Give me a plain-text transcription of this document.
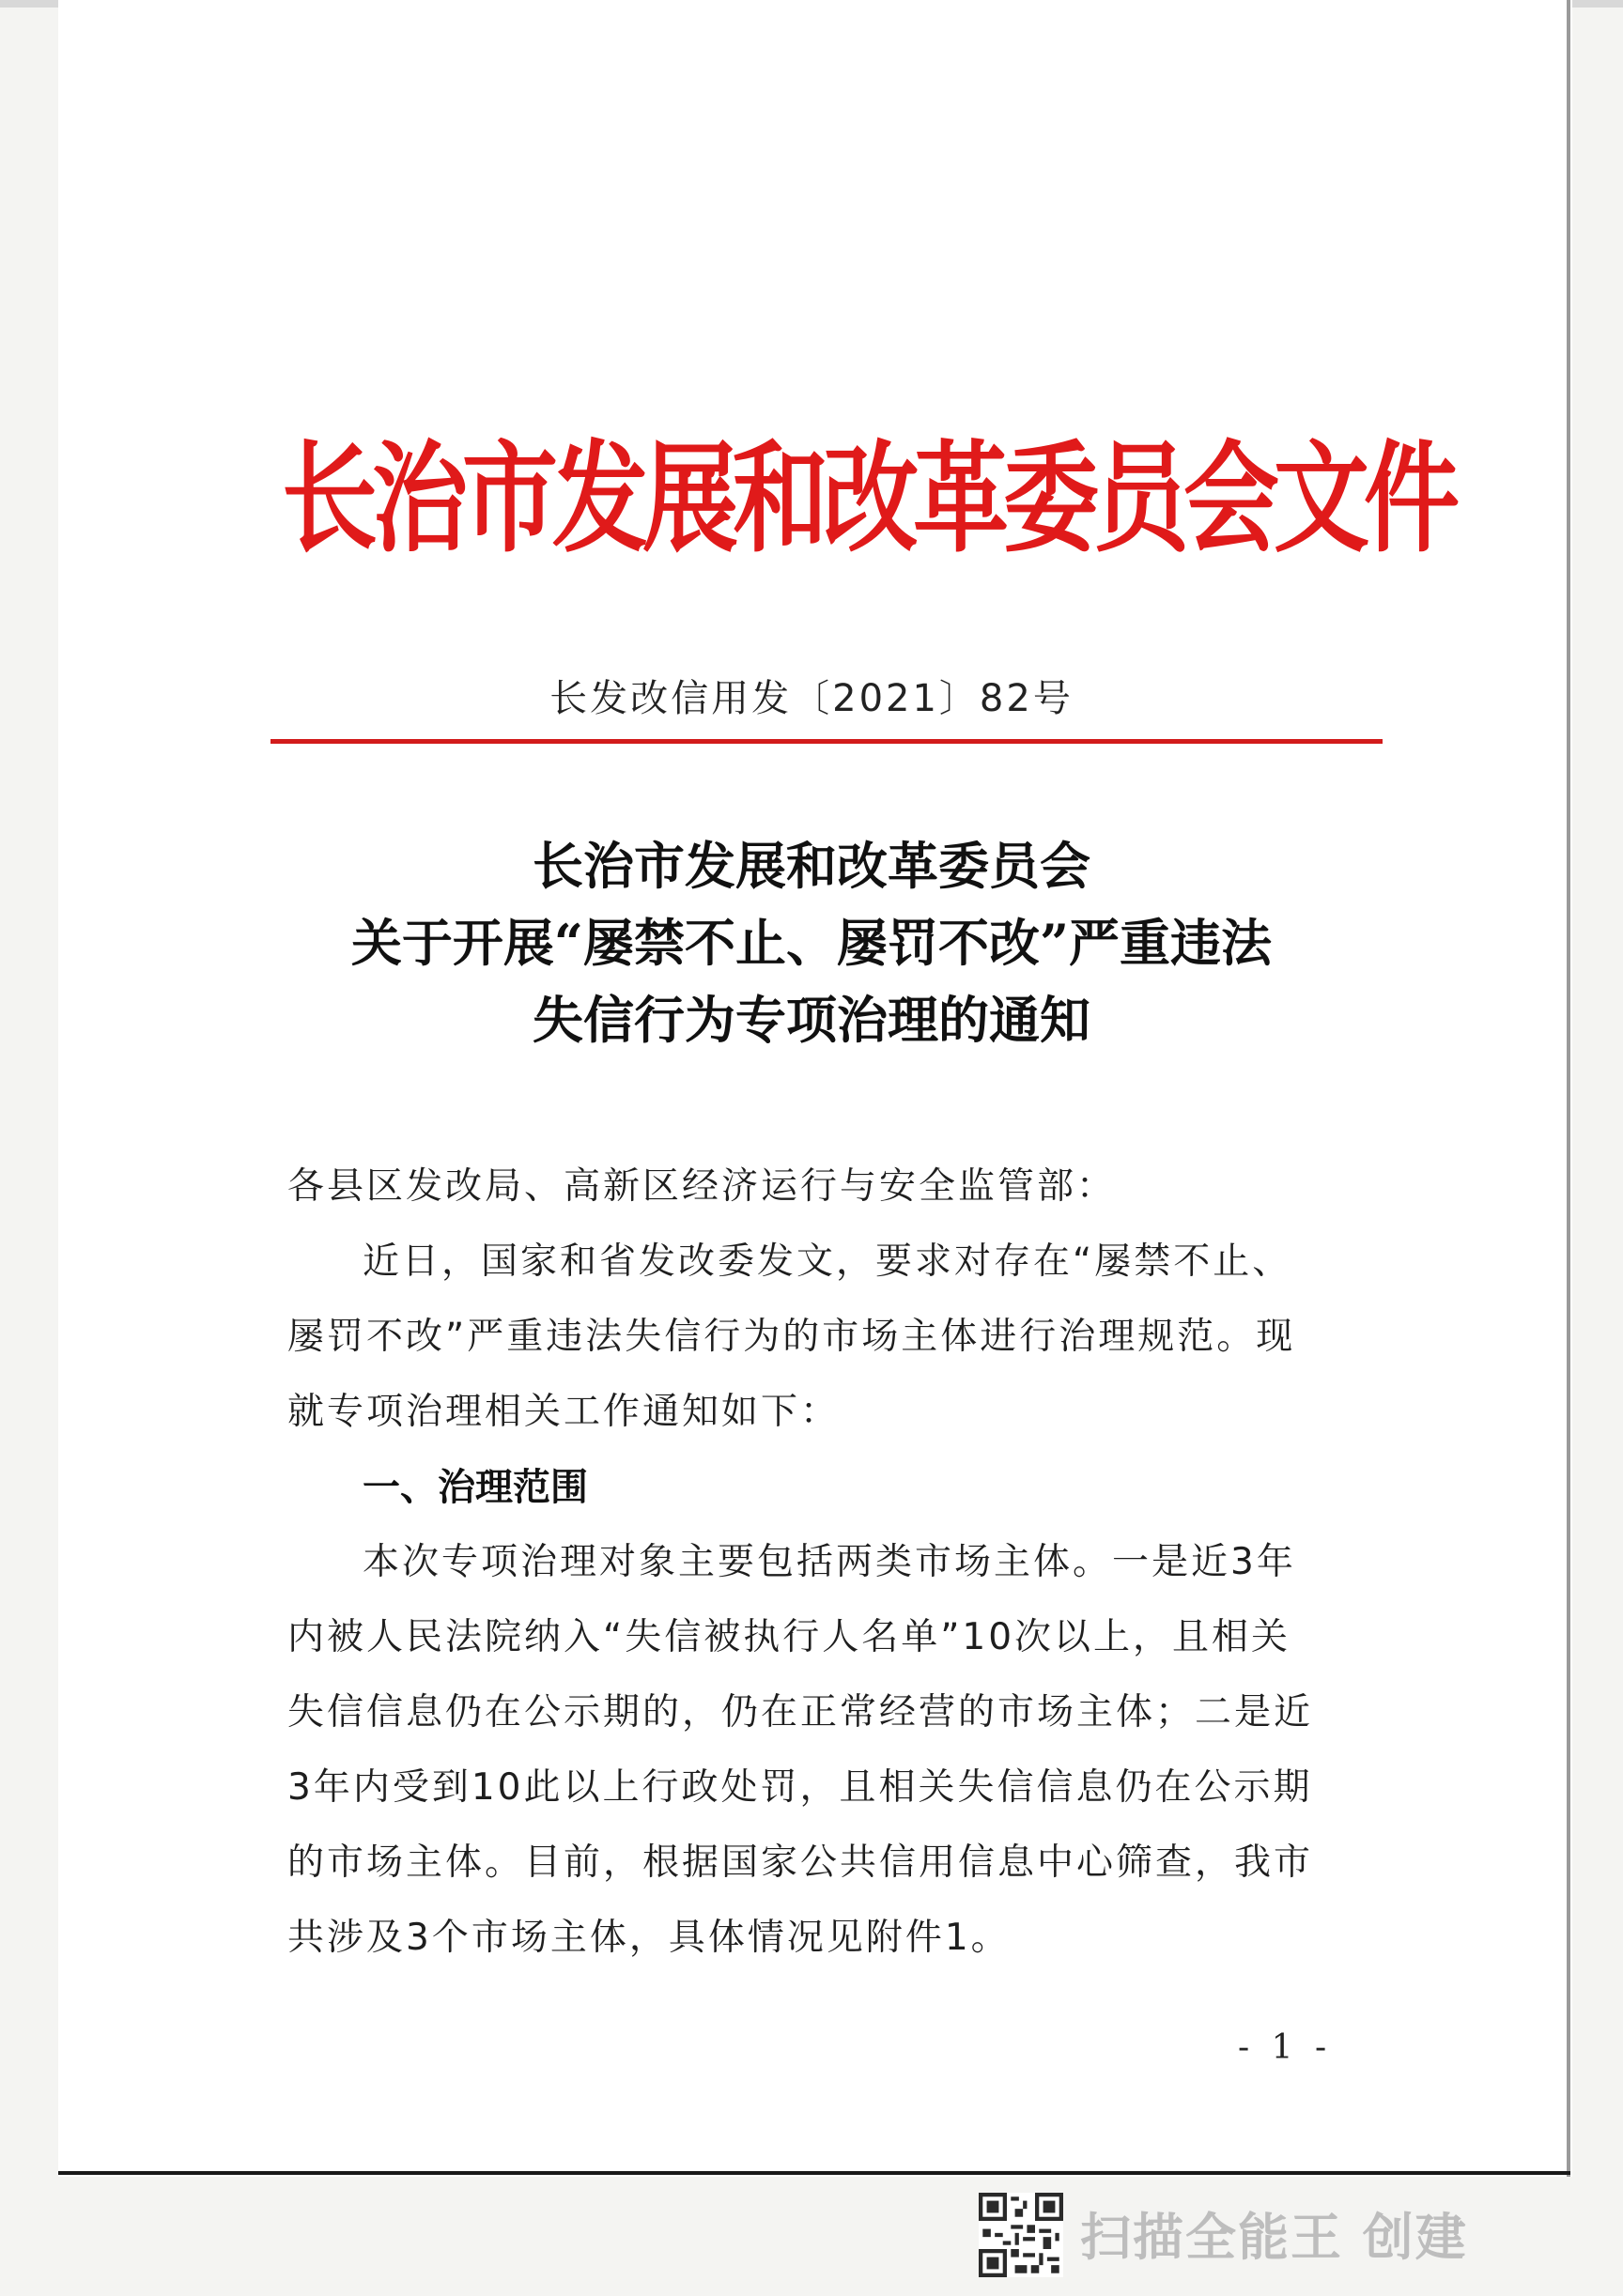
长治市发展和改革委员会文件
长发改信用发〔2021〕82号
长治市发展和改革委员会
关于开展“屡禁不止、屡罚不改”严重违法
失信行为专项治理的通知
各县区发改局、高新区经济运行与安全监管部：
近日，国家和省发改委发文，要求对存在“屡禁不止、
屡罚不改”严重违法失信行为的市场主体进行治理规范。现
就专项治理相关工作通知如下：
一、治理范围
本次专项治理对象主要包括两类市场主体。一是近3年
内被人民法院纳入“失信被执行人名单”10次以上，且相关
失信信息仍在公示期的，仍在正常经营的市场主体；二是近
3年内受到10此以上行政处罚，且相关失信信息仍在公示期
的市场主体。目前，根据国家公共信用信息中心筛查，我市
共涉及3个市场主体，具体情况见附件1。
- 1 -
扫描全能王 创建
